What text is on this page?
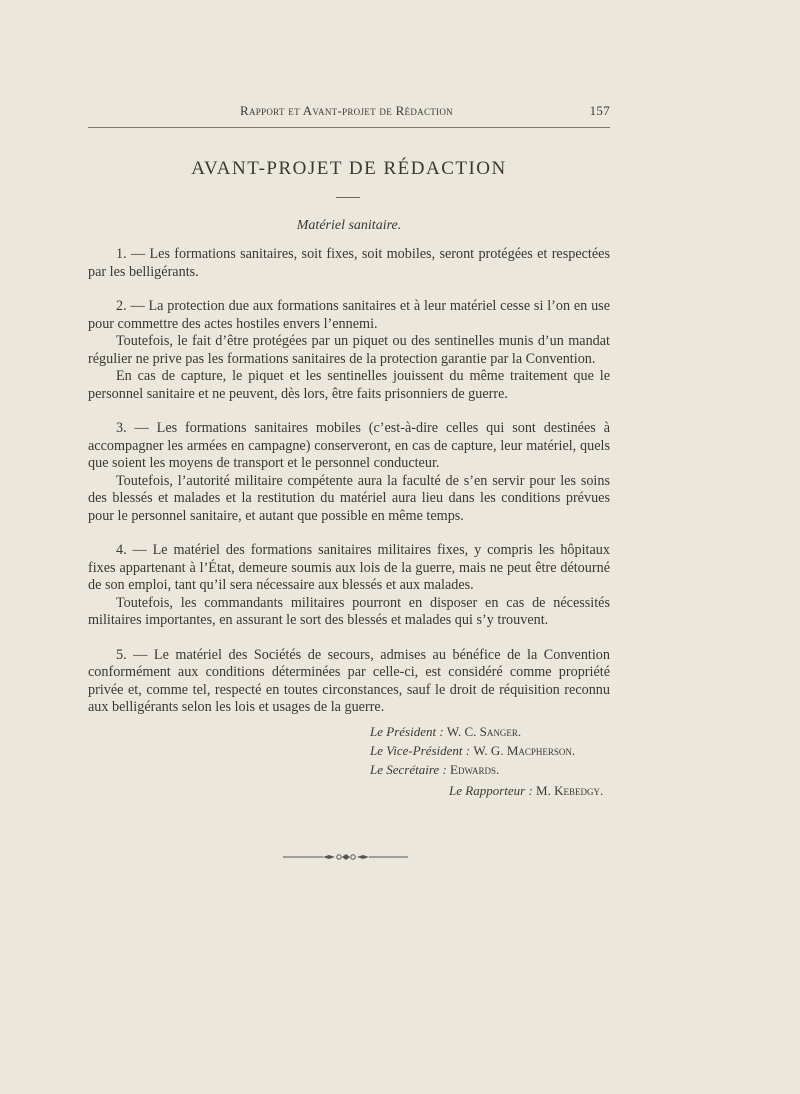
Rapport et Avant-projet de Rédaction	157
AVANT-PROJET DE RÉDACTION
Matériel sanitaire.

1. — Les formations sanitaires, soit fixes, soit mobiles, seront protégées et respectées par les belligérants.

2. — La protection due aux formations sanitaires et à leur matériel cesse si l’on en use pour commettre des actes hostiles envers l’ennemi.

Toutefois, le fait d’être protégées par un piquet ou des sentinelles munis d’un mandat régulier ne prive pas les formations sanitaires de la protection garantie par la Convention.

En cas de capture, le piquet et les sentinelles jouissent du même traitement que le personnel sanitaire et ne peuvent, dès lors, être faits prisonniers de guerre.

3. — Les formations sanitaires mobiles (c’est-à-dire celles qui sont destinées à accompagner les armées en campagne) conserveront, en cas de capture, leur matériel, quels que soient les moyens de transport et le personnel conducteur.

Toutefois, l’autorité militaire compétente aura la faculté de s’en servir pour les soins des blessés et malades et la restitution du matériel aura lieu dans les conditions prévues pour le personnel sanitaire, et autant que possible en même temps.

4. — Le matériel des formations sanitaires militaires fixes, y compris les hôpitaux fixes appartenant à l’État, demeure soumis aux lois de la guerre, mais ne peut être détourné de son emploi, tant qu’il sera nécessaire aux blessés et aux malades.

Toutefois, les commandants militaires pourront en disposer en cas de nécessités militaires importantes, en assurant le sort des blessés et malades qui s’y trouvent.

5. — Le matériel des Sociétés de secours, admises au bénéfice de la Convention conformément aux conditions déterminées par celle-ci, est considéré comme propriété privée et, comme tel, respecté en toutes circonstances, sauf le droit de réquisition reconnu aux belligérants selon les lois et usages de la guerre.

Le Président : W. C. Sanger.
Le Vice-Président : W. G. Macpherson.
Le Secrétaire : Edwards.
Le Rapporteur : M. Kebedgy.
